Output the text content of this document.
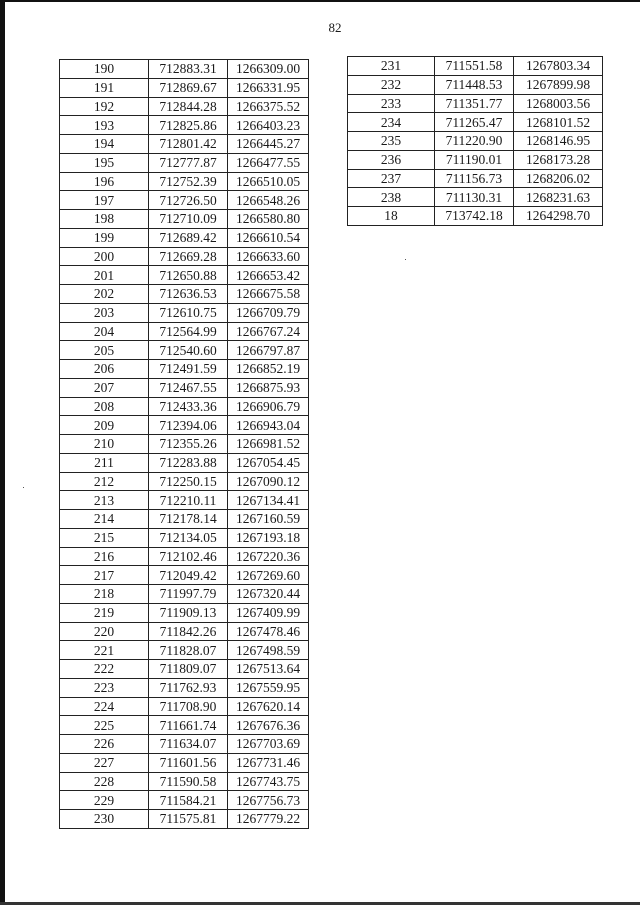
82
190	712883.31	1266309.00
191	712869.67	1266331.95
192	712844.28	1266375.52
193	712825.86	1266403.23
194	712801.42	1266445.27
195	712777.87	1266477.55
196	712752.39	1266510.05
197	712726.50	1266548.26
198	712710.09	1266580.80
199	712689.42	1266610.54
200	712669.28	1266633.60
201	712650.88	1266653.42
202	712636.53	1266675.58
203	712610.75	1266709.79
204	712564.99	1266767.24
205	712540.60	1266797.87
206	712491.59	1266852.19
207	712467.55	1266875.93
208	712433.36	1266906.79
209	712394.06	1266943.04
210	712355.26	1266981.52
211	712283.88	1267054.45
212	712250.15	1267090.12
213	712210.11	1267134.41
214	712178.14	1267160.59
215	712134.05	1267193.18
216	712102.46	1267220.36
217	712049.42	1267269.60
218	711997.79	1267320.44
219	711909.13	1267409.99
220	711842.26	1267478.46
221	711828.07	1267498.59
222	711809.07	1267513.64
223	711762.93	1267559.95
224	711708.90	1267620.14
225	711661.74	1267676.36
226	711634.07	1267703.69
227	711601.56	1267731.46
228	711590.58	1267743.75
229	711584.21	1267756.73
230	711575.81	1267779.22
231	711551.58	1267803.34
232	711448.53	1267899.98
233	711351.77	1268003.56
234	711265.47	1268101.52
235	711220.90	1268146.95
236	711190.01	1268173.28
237	711156.73	1268206.02
238	711130.31	1268231.63
18	713742.18	1264298.70
